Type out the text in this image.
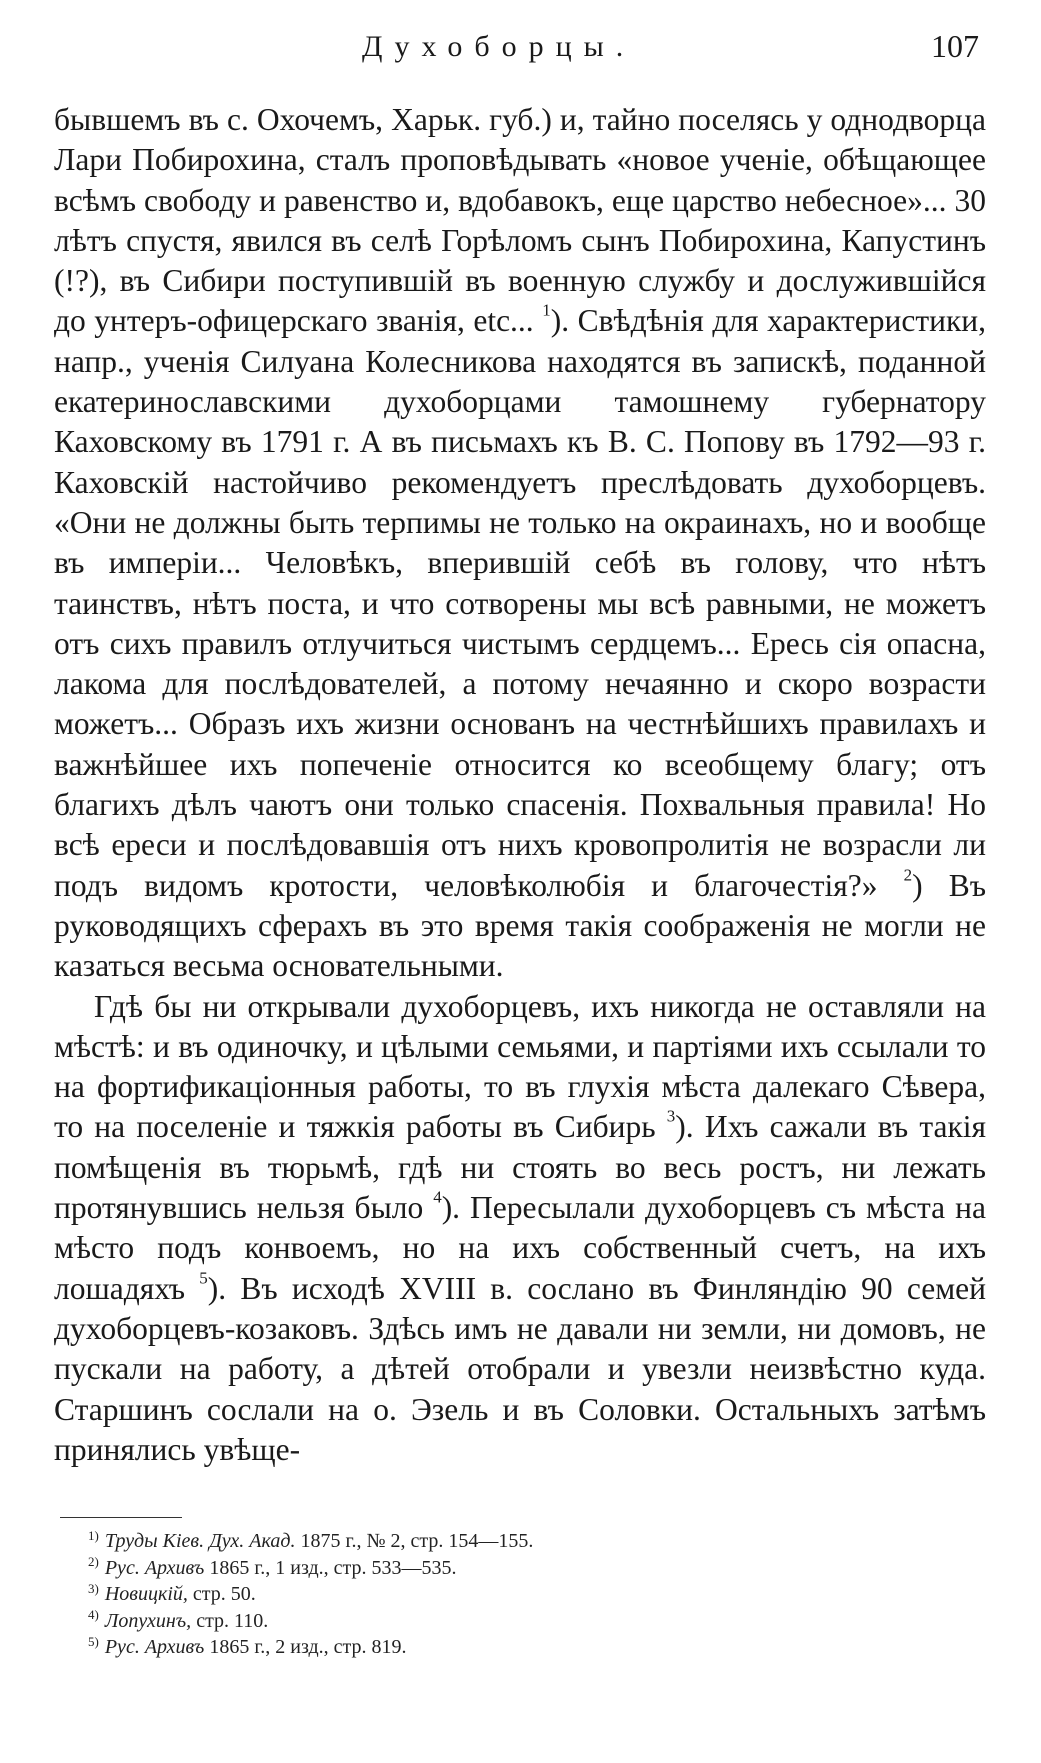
Духоборцы.	107

бывшемъ въ с. Охочемъ, Харьк. губ.) и, тайно поселясь у однодворца Лари Побирохина, сталъ проповѣдывать «новое ученіе, обѣщающее всѣмъ свободу и равенство и, вдобавокъ, еще царство небесное»... 30 лѣтъ спустя, явился въ селѣ Горѣломъ сынъ Побирохина, Капустинъ (!?), въ Сибири поступившій въ военную службу и дослужившійся до унтеръ-офицерскаго званія, etc... $^1$). Свѣдѣнія для характеристики, напр., ученія Силуана Колесникова находятся въ запискѣ, поданной екатеринославскими духоборцами тамошнему губернатору Каховскому въ 1791 г. А въ письмахъ къ В. С. Попову въ 1792—93 г. Каховскій настойчиво рекомендуетъ преслѣдовать духоборцевъ. «Они не должны быть терпимы не только на окраинахъ, но и вообще въ имперіи... Человѣкъ, вперившій себѣ въ голову, что нѣтъ таинствъ, нѣтъ поста, и что сотворены мы всѣ равными, не можетъ отъ сихъ правилъ отлучиться чистымъ сердцемъ... Ересь сія опасна, лакома для послѣдователей, а потому нечаянно и скоро возрасти можетъ... Образъ ихъ жизни основанъ на честнѣйшихъ правилахъ и важнѣйшее ихъ попеченіе относится ко всеобщему благу; отъ благихъ дѣлъ чаютъ они только спасенія. Похвальныя правила! Но всѣ ереси и послѣдовавшія отъ нихъ кровопролитія не возрасли ли подъ видомъ кротости, человѣколюбія и благочестія?» $^2$) Въ руководящихъ сферахъ въ это время такія соображенія не могли не казаться весьма основательными.

Гдѣ бы ни открывали духоборцевъ, ихъ никогда не оставляли на мѣстѣ: и въ одиночку, и цѣлыми семьями, и партіями ихъ ссылали то на фортификаціонныя работы, то въ глухія мѣста далекаго Сѣвера, то на поселеніе и тяжкія работы въ Сибирь $^3$). Ихъ сажали въ такія помѣщенія въ тюрьмѣ, гдѣ ни стоять во весь ростъ, ни лежать протянувшись нельзя было $^4$). Пересылали духоборцевъ съ мѣста на мѣсто подъ конвоемъ, но на ихъ собственный счетъ, на ихъ лошадяхъ $^5$). Въ исходѣ XVIII в. сослано въ Финляндію 90 семей духоборцевъ-козаковъ. Здѣсь имъ не давали ни земли, ни домовъ, не пускали на работу, а дѣтей отобрали и увезли неизвѣстно куда. Старшинъ сослали на о. Эзель и въ Соловки. Остальныхъ затѣмъ принялись увѣще-

$^{1)}$ Труды Кіев. Дух. Акад. 1875 г., № 2, стр. 154—155.
$^{2)}$ Рус. Архивъ 1865 г., 1 изд., стр. 533—535.
$^{3)}$ Новицкій, стр. 50.
$^{4)}$ Лопухинъ, стр. 110.
$^{5)}$ Рус. Архивъ 1865 г., 2 изд., стр. 819.
